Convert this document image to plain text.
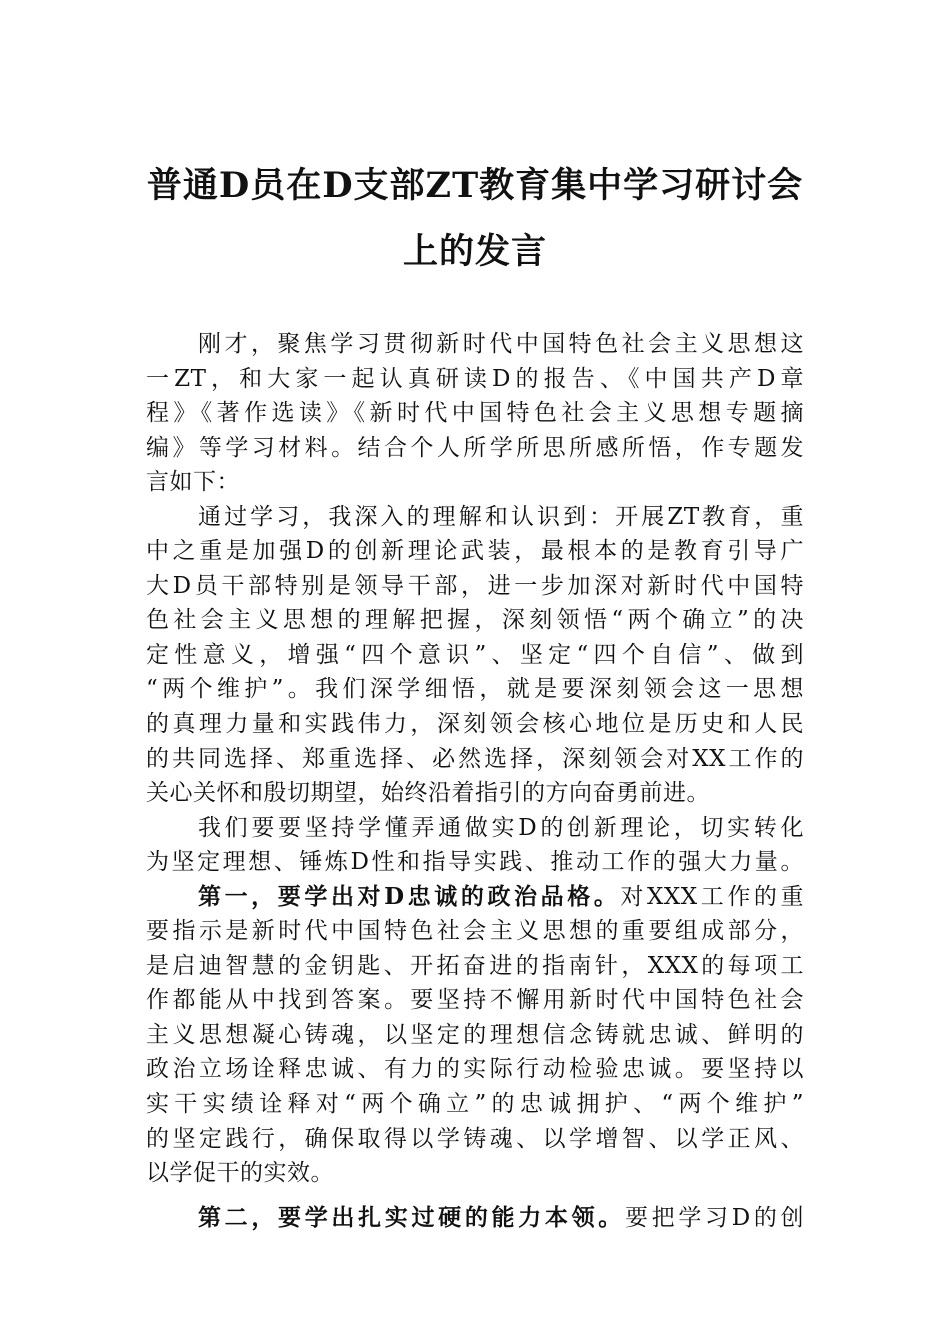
普通D员在D支部ZT教育集中学习研讨会
上的发言
刚才，聚焦学习贯彻新时代中国特色社会主义思想这
一ZT，和大家一起认真研读D的报告、《中国共产D章
程》《著作选读》《新时代中国特色社会主义思想专题摘
编》等学习材料。结合个人所学所思所感所悟，作专题发
言如下：
通过学习，我深入的理解和认识到：开展ZT教育，重
中之重是加强D的创新理论武装，最根本的是教育引导广
大D员干部特别是领导干部，进一步加深对新时代中国特
色社会主义思想的理解把握，深刻领悟“两个确立”的决
定性意义，增强“四个意识”、坚定“四个自信”、做到
“两个维护”。我们深学细悟，就是要深刻领会这一思想
的真理力量和实践伟力，深刻领会核心地位是历史和人民
的共同选择、郑重选择、必然选择，深刻领会对XX工作的
关心关怀和殷切期望，始终沿着指引的方向奋勇前进。
我们要要坚持学懂弄通做实D的创新理论，切实转化
为坚定理想、锤炼D性和指导实践、推动工作的强大力量。
第一，要学出对D忠诚的政治品格。对XXX工作的重
要指示是新时代中国特色社会主义思想的重要组成部分，
是启迪智慧的金钥匙、开拓奋进的指南针，XXX的每项工
作都能从中找到答案。要坚持不懈用新时代中国特色社会
主义思想凝心铸魂，以坚定的理想信念铸就忠诚、鲜明的
政治立场诠释忠诚、有力的实际行动检验忠诚。要坚持以
实干实绩诠释对“两个确立”的忠诚拥护、“两个维护”
的坚定践行，确保取得以学铸魂、以学增智、以学正风、
以学促干的实效。
第二，要学出扎实过硬的能力本领。要把学习D的创
